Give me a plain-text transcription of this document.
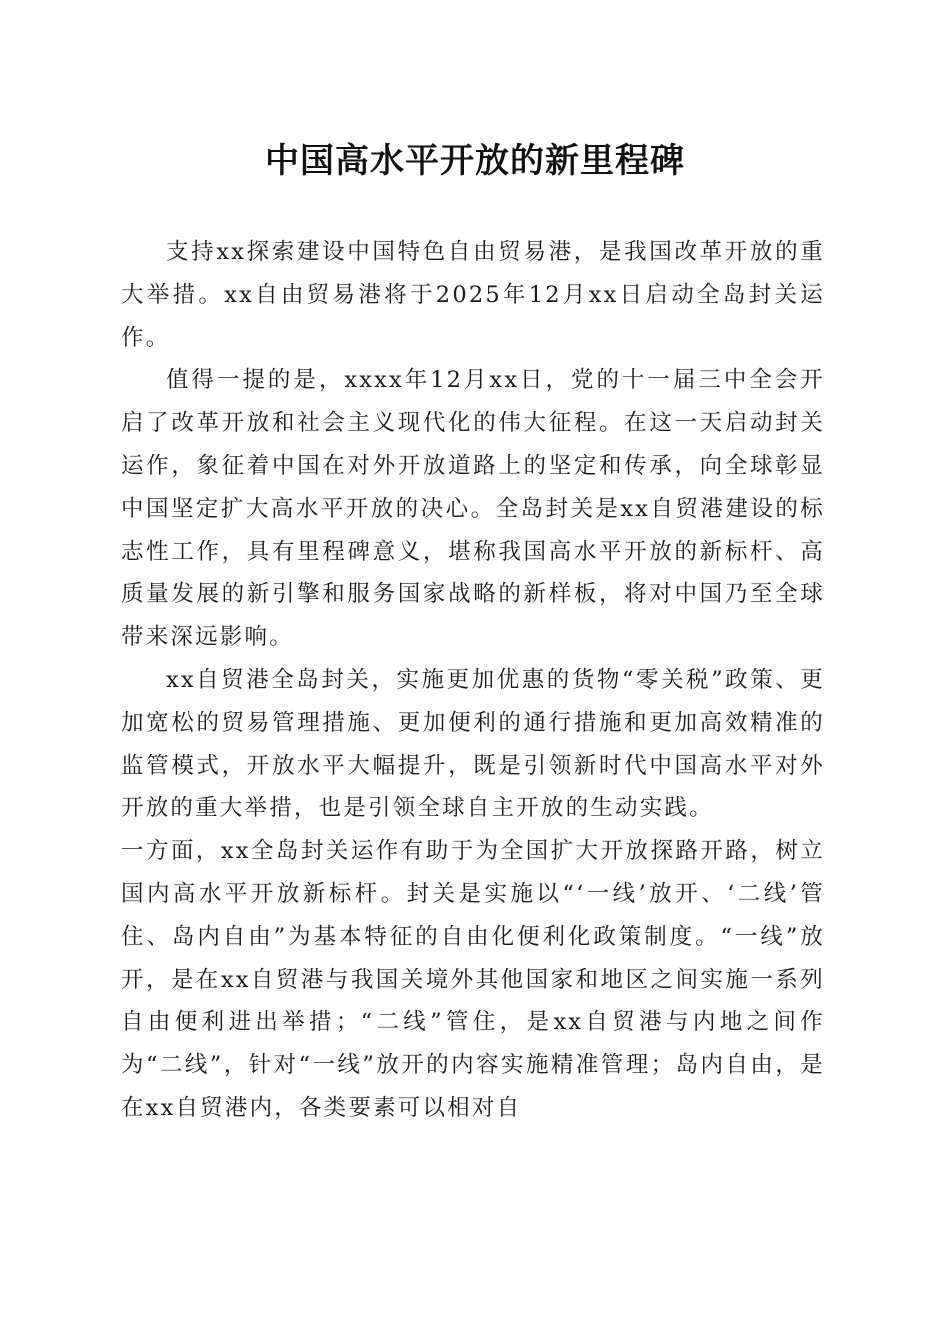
中国高水平开放的新里程碑

支持xx探索建设中国特色自由贸易港，是我国改革开放的重大举措。xx自由贸易港将于2025年12月xx日启动全岛封关运作。

值得一提的是，xxxx年12月xx日，党的十一届三中全会开启了改革开放和社会主义现代化的伟大征程。在这一天启动封关运作，象征着中国在对外开放道路上的坚定和传承，向全球彰显中国坚定扩大高水平开放的决心。全岛封关是xx自贸港建设的标志性工作，具有里程碑意义，堪称我国高水平开放的新标杆、高质量发展的新引擎和服务国家战略的新样板，将对中国乃至全球带来深远影响。

xx自贸港全岛封关，实施更加优惠的货物“零关税”政策、更加宽松的贸易管理措施、更加便利的通行措施和更加高效精准的监管模式，开放水平大幅提升，既是引领新时代中国高水平对外开放的重大举措，也是引领全球自主开放的生动实践。

一方面，xx全岛封关运作有助于为全国扩大开放探路开路，树立国内高水平开放新标杆。封关是实施以“‘一线’放开、‘二线’管住、岛内自由”为基本特征的自由化便利化政策制度。“一线”放开，是在xx自贸港与我国关境外其他国家和地区之间实施一系列自由便利进出举措；“二线”管住，是xx自贸港与内地之间作为“二线”，针对“一线”放开的内容实施精准管理；岛内自由，是在xx自贸港内，各类要素可以相对自
